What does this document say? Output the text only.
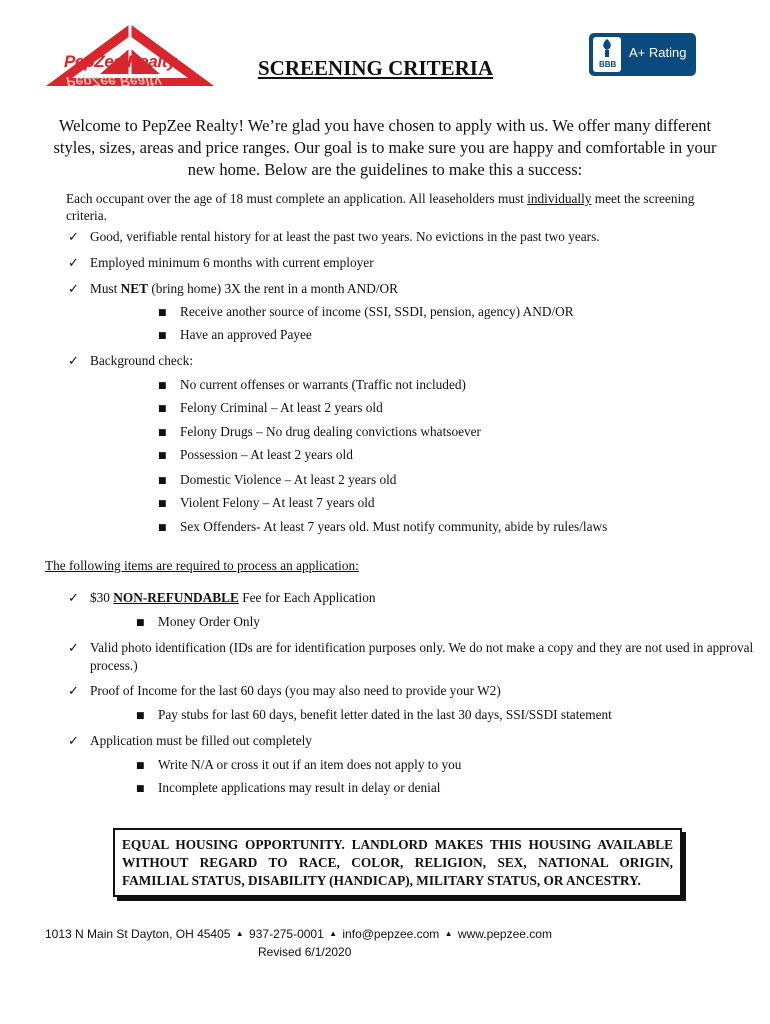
PepZee Realty
PepZee Realty
SCREENING CRITERIA	BBB
A+ Rating

Welcome to PepZee Realty! We’re glad you have chosen to apply with us. We offer many different styles, sizes, areas and price ranges. Our goal is to make sure you are happy and comfortable in your new home. Below are the guidelines to make this a success:

Each occupant over the age of 18 must complete an application. All leaseholders must individually meet the screening criteria.

✓ Good, verifiable rental history for at least the past two years. No evictions in the past two years.
✓ Employed minimum 6 months with current employer
✓ Must NET (bring home) 3X the rent in a month AND/OR
■ Receive another source of income (SSI, SSDI, pension, agency) AND/OR
■ Have an approved Payee
✓ Background check:
■ No current offenses or warrants (Traffic not included)
■ Felony Criminal – At least 2 years old
■ Felony Drugs – No drug dealing convictions whatsoever
■ Possession – At least 2 years old
■ Domestic Violence – At least 2 years old
■ Violent Felony – At least 7 years old
■ Sex Offenders- At least 7 years old. Must notify community, abide by rules/laws

The following items are required to process an application:

✓ $30 NON-REFUNDABLE Fee for Each Application
■ Money Order Only
✓ Valid photo identification (IDs are for identification purposes only. We do not make a copy and they are not used in approval process.)
✓ Proof of Income for the last 60 days (you may also need to provide your W2)
■ Pay stubs for last 60 days, benefit letter dated in the last 30 days, SSI/SSDI statement
✓ Application must be filled out completely
■ Write N/A or cross it out if an item does not apply to you
■ Incomplete applications may result in delay or denial
EQUAL HOUSING OPPORTUNITY. LANDLORD MAKES THIS HOUSING AVAILABLE WITHOUT REGARD TO RACE, COLOR, RELIGION, SEX, NATIONAL ORIGIN, FAMILIAL STATUS, DISABILITY (HANDICAP), MILITARY STATUS, OR ANCESTRY.
1013 N Main St Dayton, OH 45405 ▲ 937-275-0001 ▲ info@pepzee.com ▲ www.pepzee.com
Revised 6/1/2020
